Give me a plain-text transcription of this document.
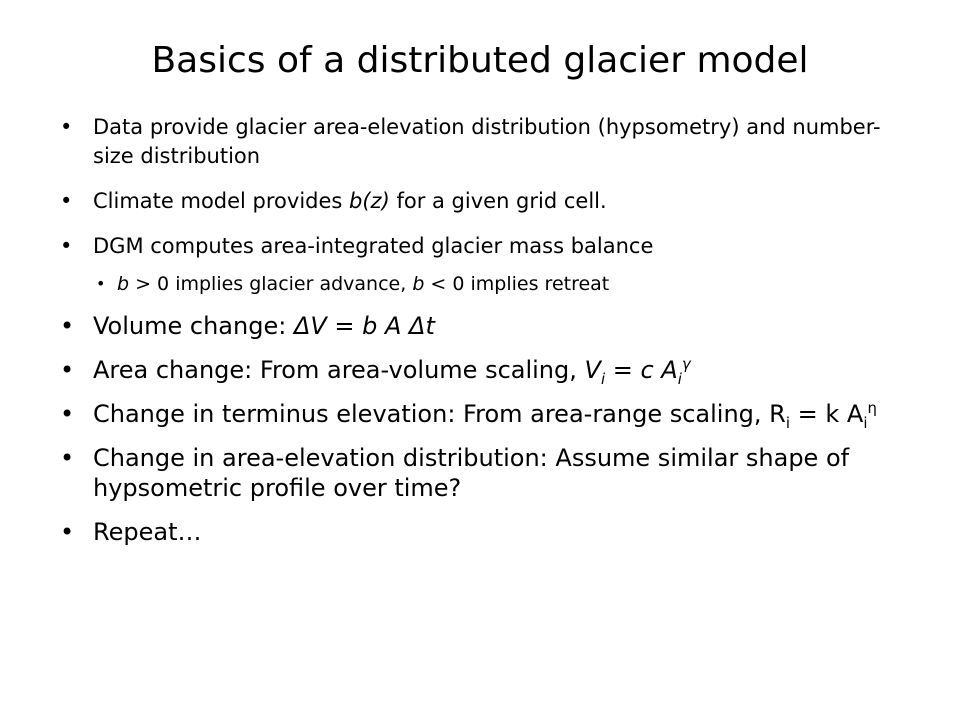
Basics of a distributed glacier model
• Data provide glacier area-elevation distribution (hypsometry) and number-size distribution
• Climate model provides b(z) for a given grid cell.
• DGM computes area-integrated glacier mass balance
• b > 0 implies glacier advance, b < 0 implies retreat
• Volume change: ΔV = b A Δt
• Area change: From area-volume scaling, $V_i = c$ $A_i^\gamma$
• Change in terminus elevation: From area-range scaling, $R_i = k$ $A_i^\eta$
• Change in area-elevation distribution: Assume similar shape of hypsometric profile over time?
• Repeat…
